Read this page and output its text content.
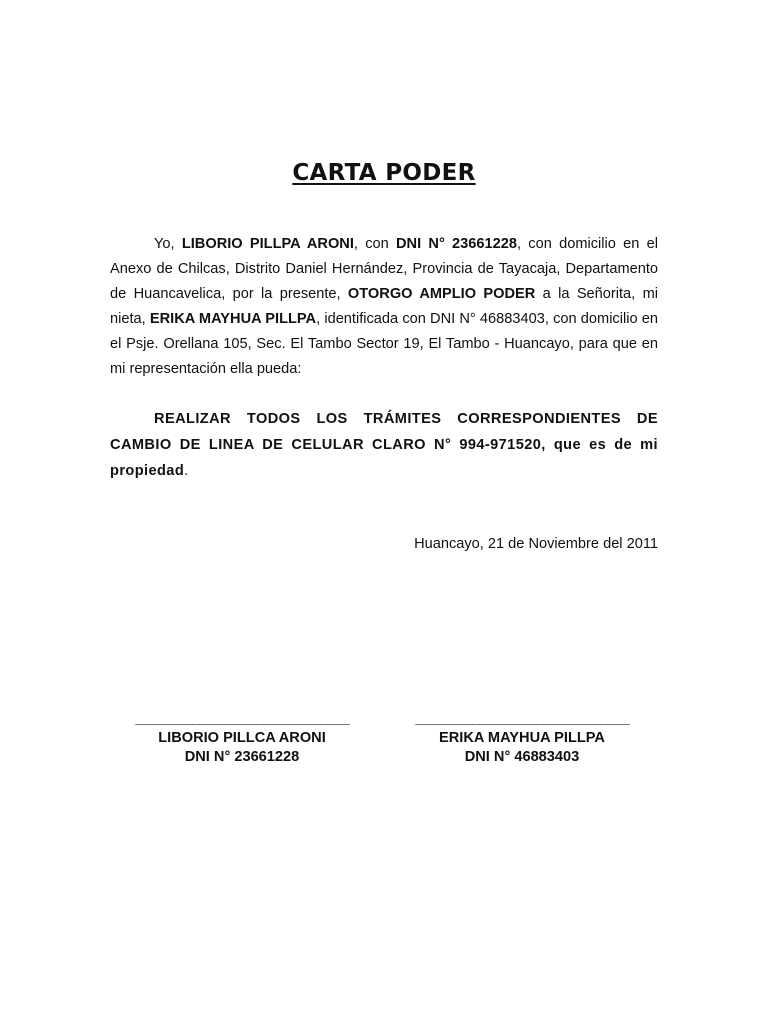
CARTA PODER

Yo, LIBORIO PILLPA ARONI, con DNI N° 23661228, con domicilio en el Anexo de Chilcas, Distrito Daniel Hernández, Provincia de Tayacaja, Departamento de Huancavelica, por la presente, OTORGO AMPLIO PODER a la Señorita, mi nieta, ERIKA MAYHUA PILLPA, identificada con DNI N° 46883403, con domicilio en el Psje. Orellana 105, Sec. El Tambo Sector 19, El Tambo - Huancayo, para que en mi representación ella pueda:

REALIZAR TODOS LOS TRÁMITES CORRESPONDIENTES DE CAMBIO DE LINEA DE CELULAR CLARO N° 994-971520, que es de mi propiedad.

Huancayo, 21 de Noviembre del 2011
______________________________
LIBORIO PILLCA ARONI
DNI N° 23661228
______________________________
ERIKA MAYHUA PILLPA
DNI N° 46883403
